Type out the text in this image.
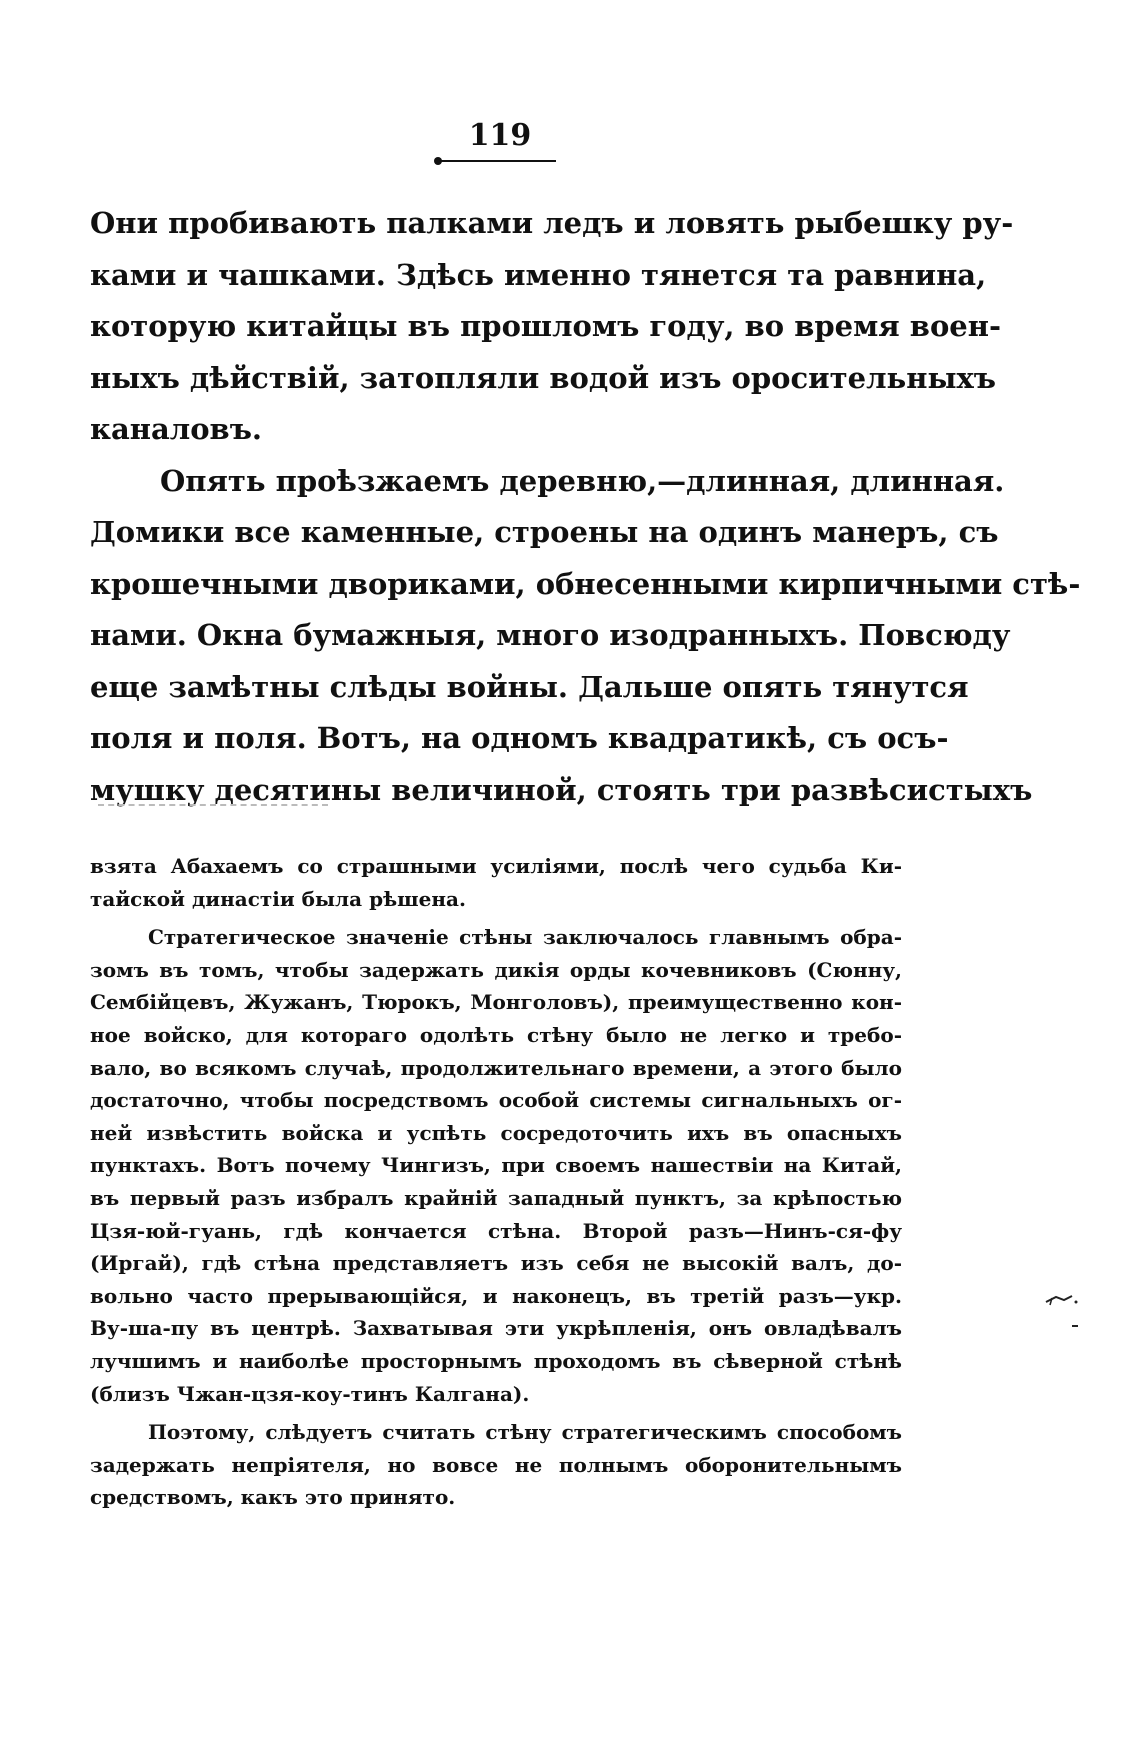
119
Они пробивають палками ледъ и ловять рыбешку ру-
ками и чашками. Здѣсь именно тянется та равнина,
которую китайцы въ прошломъ году, во время воен-
ныхъ дѣйствій, затопляли водой изъ оросительныхъ
каналовъ.
Опять проѣзжаемъ деревню,—длинная, длинная.
Домики все каменные, строены на одинъ манеръ, съ
крошечными двориками, обнесенными кирпичными стѣ-
нами. Окна бумажныя, много изодранныхъ. Повсюду
еще замѣтны слѣды войны. Дальше опять тянутся
поля и поля. Вотъ, на одномъ квадратикѣ, съ осъ-
мушку десятины величиной, стоять три развѣсистыхъ
взята Абахаемъ со страшными усиліями, послѣ чего судьба Ки-
тайской династіи была рѣшена.
Стратегическое значеніе стѣны заключалось главнымъ обра-
зомъ въ томъ, чтобы задержать дикія орды кочевниковъ (Сюнну,
Сембійцевъ, Жужанъ, Тюрокъ, Монголовъ), преимущественно кон-
ное войско, для котораго одолѣть стѣну было не легко и требо-
вало, во всякомъ случаѣ, продолжительнаго времени, а этого было
достаточно, чтобы посредствомъ особой системы сигнальныхъ ог-
ней извѣстить войска и успѣть сосредоточить ихъ въ опасныхъ
пунктахъ. Вотъ почему Чингизъ, при своемъ нашествіи на Китай,
въ первый разъ избралъ крайній западный пунктъ, за крѣпостью
Цзя-юй-гуань, гдѣ кончается стѣна. Второй разъ—Нинъ-ся-фу
(Иргай), гдѣ стѣна представляетъ изъ себя не высокій валъ, до-
вольно часто прерывающійся, и наконецъ, въ третій разъ—укр.
Ву-ша-пу въ центрѣ. Захватывая эти укрѣпленія, онъ овладѣвалъ
лучшимъ и наиболѣе просторнымъ проходомъ въ сѣверной стѣнѣ
(близъ Чжан-цзя-коу-тинъ Калгана).
Поэтому, слѣдуетъ считать стѣну стратегическимъ способомъ
задержать непріятеля, но вовсе не полнымъ оборонительнымъ
средствомъ, какъ это принято.
